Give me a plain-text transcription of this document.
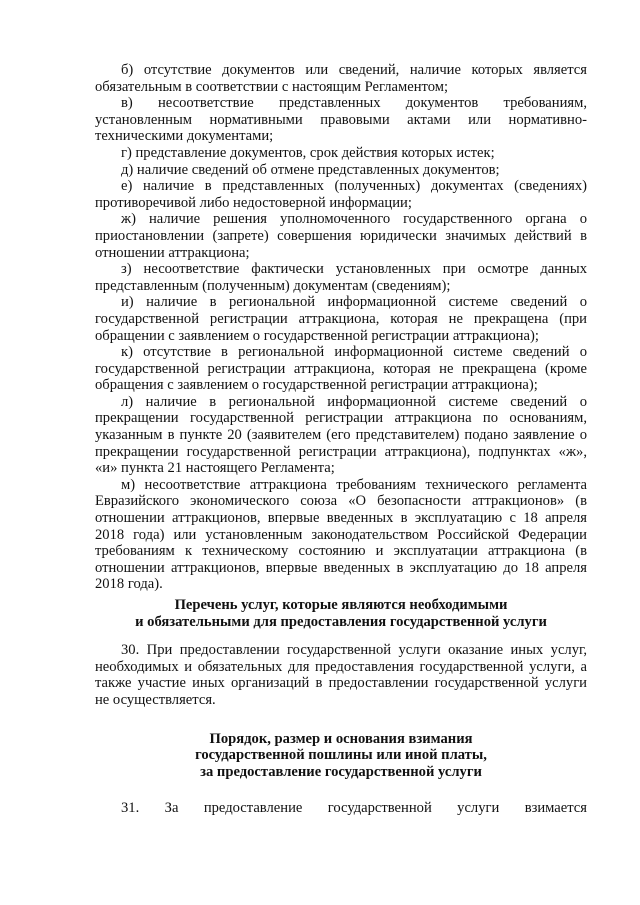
б) отсутствие документов или сведений, наличие которых является обязательным в соответствии с настоящим Регламентом;

в) несоответствие представленных документов требованиям, установленным нормативными правовыми актами или нормативно-техническими документами;

г) представление документов, срок действия которых истек;

д) наличие сведений об отмене представленных документов;

е) наличие в представленных (полученных) документах (сведениях) противоречивой либо недостоверной информации;

ж) наличие решения уполномоченного государственного органа о приостановлении (запрете) совершения юридически значимых действий в отношении аттракциона;

з) несоответствие фактически установленных при осмотре данных представленным (полученным) документам (сведениям);

и) наличие в региональной информационной системе сведений о государственной регистрации аттракциона, которая не прекращена (при обращении с заявлением о государственной регистрации аттракциона);

к) отсутствие в региональной информационной системе сведений о государственной регистрации аттракциона, которая не прекращена (кроме обращения с заявлением о государственной регистрации аттракциона);

л) наличие в региональной информационной системе сведений о прекращении государственной регистрации аттракциона по основаниям, указанным в пункте 20 (заявителем (его представителем) подано заявление о прекращении государственной регистрации аттракциона), подпунктах «ж», «и» пункта 21 настоящего Регламента;

м) несоответствие аттракциона требованиям технического регламента Евразийского экономического союза «О безопасности аттракционов» (в отношении аттракционов, впервые введенных в эксплуатацию с 18 апреля 2018 года) или установленным законодательством Российской Федерации требованиям к техническому состоянию и эксплуатации аттракциона (в отношении аттракционов, впервые введенных в эксплуатацию до 18 апреля 2018 года).

Перечень услуг, которые являются необходимыми

и обязательными для предоставления государственной услуги

30. При предоставлении государственной услуги оказание иных услуг, необходимых и обязательных для предоставления государственной услуги, а также участие иных организаций в предоставлении государственной услуги не осуществляется.

Порядок, размер и основания взимания

государственной пошлины или иной платы,

за предоставление государственной услуги

31. За предоставление государственной услуги взимается
